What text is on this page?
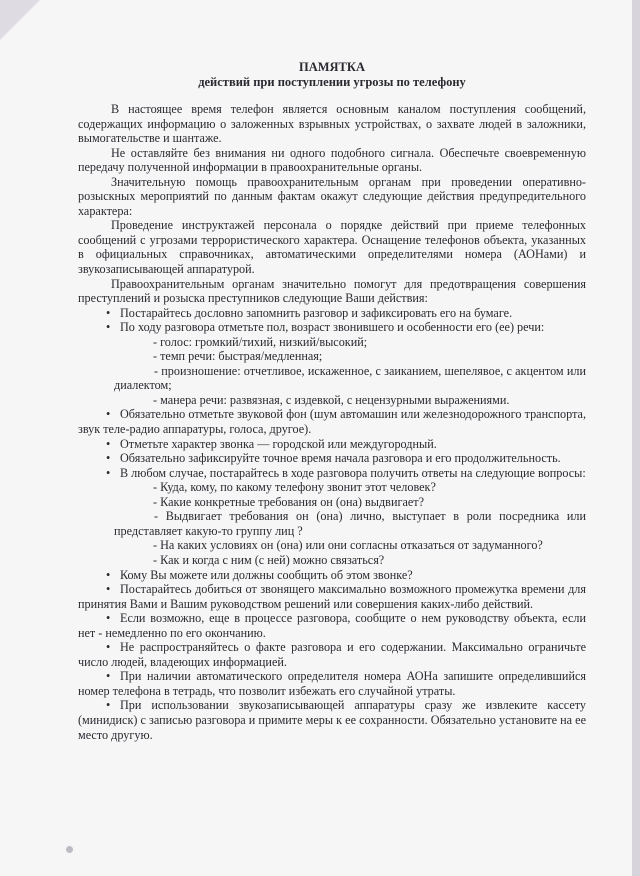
ПАМЯТКА

действий при поступлении угрозы по телефону

В настоящее время телефон является основным каналом поступления сообщений, содержащих информацию о заложенных взрывных устройствах, о захвате людей в заложники, вымогательстве и шантаже.

Не оставляйте без внимания ни одного подобного сигнала. Обеспечьте своевременную передачу полученной информации в правоохранительные органы.

Значительную помощь правоохранительным органам при проведении оперативно-розыскных мероприятий по данным фактам окажут следующие действия предупредительного характера:

Проведение инструктажей персонала о порядке действий при приеме телефонных сообщений с угрозами террористического характера. Оснащение телефонов объекта, указанных в официальных справочниках, автоматическими определителями номера (АОНами) и звукозаписывающей аппаратурой.

Правоохранительным органам значительно помогут для предотвращения совершения преступлений и розыска преступников следующие Ваши действия:

• Постарайтесь дословно запомнить разговор и зафиксировать его на бумаге.

• По ходу разговора отметьте пол, возраст звонившего и особенности его (ее) речи:

- голос: громкий/тихий, низкий/высокий;

- темп речи: быстрая/медленная;

- произношение: отчетливое, искаженное, с заиканием, шепелявое, с акцентом или диалектом;

- манера речи: развязная, с издевкой, с нецензурными выражениями.

• Обязательно отметьте звуковой фон (шум автомашин или железнодорожного транспорта, звук теле-радио аппаратуры, голоса, другое).

• Отметьте характер звонка — городской или междугородный.

• Обязательно зафиксируйте точное время начала разговора и его продолжительность.

• В любом случае, постарайтесь в ходе разговора получить ответы на следующие вопросы:

- Куда, кому, по какому телефону звонит этот человек?

- Какие конкретные требования он (она) выдвигает?

- Выдвигает требования он (она) лично, выступает в роли посредника или представляет какую-то группу лиц ?

- На каких условиях он (она) или они согласны отказаться от задуманного?

- Как и когда с ним (с ней) можно связаться?

• Кому Вы можете или должны сообщить об этом звонке?

• Постарайтесь добиться от звонящего максимально возможного промежутка времени для принятия Вами и Вашим руководством решений или совершения каких-либо действий.

• Если возможно, еще в процессе разговора, сообщите о нем руководству объекта, если нет - немедленно по его окончанию.

• Не распространяйтесь о факте разговора и его содержании. Максимально ограничьте число людей, владеющих информацией.

• При наличии автоматического определителя номера АОНа запишите определившийся номер телефона в тетрадь, что позволит избежать его случайной утраты.

• При использовании звукозаписывающей аппаратуры сразу же извлеките кассету (минидиск) с записью разговора и примите меры к ее сохранности. Обязательно установите на ее место другую.
